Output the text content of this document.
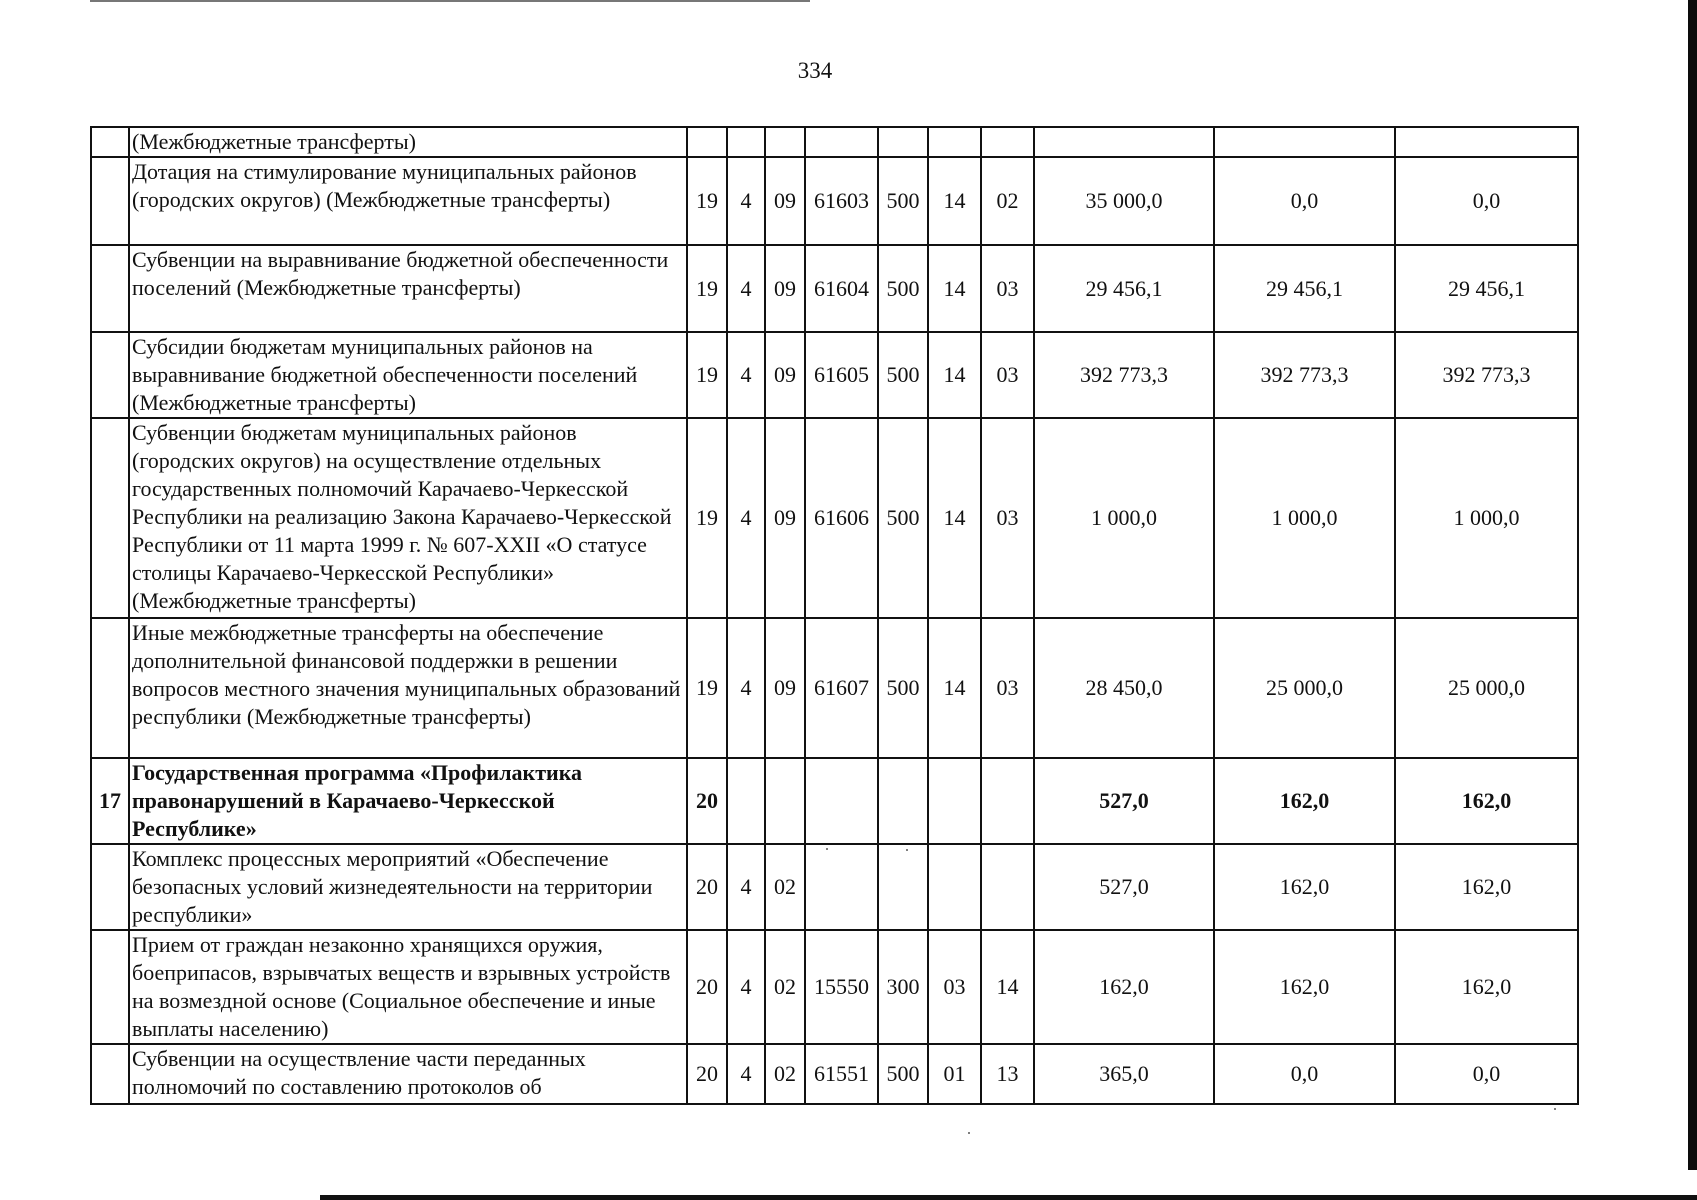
334
	(Межбюджетные трансферты)										
	Дотация на стимулирование муниципальных районов (городских округов) (Межбюджетные трансферты)	19	4	09	61603	500	14	02	35 000,0	0,0	0,0
	Субвенции на выравнивание бюджетной обеспеченности поселений (Межбюджетные трансферты)	19	4	09	61604	500	14	03	29 456,1	29 456,1	29 456,1
	Субсидии бюджетам муниципальных районов на выравнивание бюджетной обеспеченности поселений (Межбюджетные трансферты)	19	4	09	61605	500	14	03	392 773,3	392 773,3	392 773,3
	Субвенции бюджетам муниципальных районов (городских округов) на осуществление отдельных государственных полномочий Карачаево-Черкесской Республики на реализацию Закона Карачаево-Черкесской Республики от 11 марта 1999 г. № 607-XXII «О статусе столицы Карачаево-Черкесской Республики» (Межбюджетные трансферты)	19	4	09	61606	500	14	03	1 000,0	1 000,0	1 000,0
	Иные межбюджетные трансферты на обеспечение дополнительной финансовой поддержки в решении вопросов местного значения муниципальных образований республики (Межбюджетные трансферты)	19	4	09	61607	500	14	03	28 450,0	25 000,0	25 000,0
17	Государственная программа «Профилактика правонарушений в Карачаево-Черкесской Республике»	20							527,0	162,0	162,0
	Комплекс процессных мероприятий «Обеспечение безопасных условий жизнедеятельности на территории республики»	20	4	02					527,0	162,0	162,0
	Прием от граждан незаконно хранящихся оружия, боеприпасов, взрывчатых веществ и взрывных устройств на возмездной основе (Социальное обеспечение и иные выплаты населению)	20	4	02	15550	300	03	14	162,0	162,0	162,0
	Субвенции на осуществление части переданных полномочий по составлению протоколов об	20	4	02	61551	500	01	13	365,0	0,0	0,0
